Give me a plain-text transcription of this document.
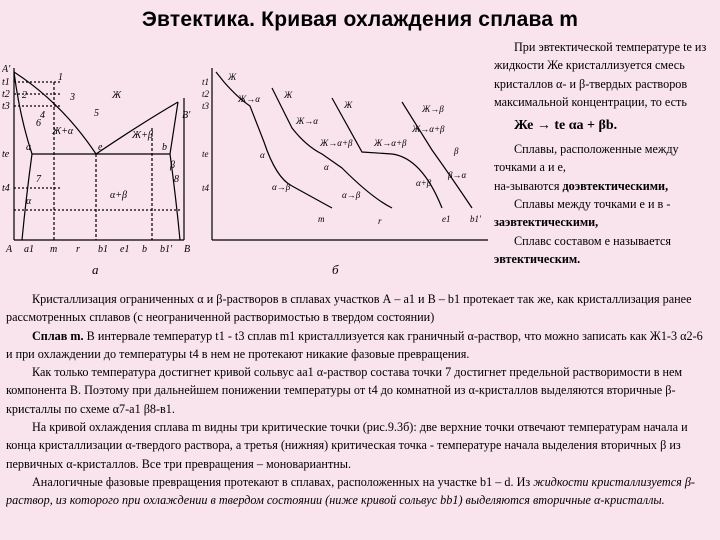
Эвтектика. Кривая охлаждения сплава m
A'
t1
t2
t3
te
t4
A a1 m r b1 e1 b b1' B
1
3
2
5
6
4
7	8
a	e	b
B'
Ж
Ж+α	Ж+β
α
β
α+β
а
t1
t2
t3
te
t4
Ж
Ж→α	Ж
Ж→α
Ж→α+β
α
α→β
m
Ж
Ж→α+β
α
α→β
r
Ж→α+β
α+β
e1
Ж→β
β
β→α
b1'
б

При эвтектической температуре te из жидкости Же кристаллизуется смесь кристаллов α- и β-твердых растворов максимальной концентрации, то есть

Же → te αa + βb.

Сплавы, расположенные между точками а и е,

на-зываются доэвтектическими,

Сплавы между точками е и в - заэвтектическими,

Сплавс составом е называется эвтектическим.

Кристаллизация ограниченных α и β-растворов в сплавах участков А – a1 и B – b1 протекает так же, как кристаллизация ранее рассмотренных сплавов (с неограниченной растворимостью в твердом состоянии)

Сплав m. В интервале температур t1 - t3 сплав m1 кристаллизуется как граничный α-раствор, что можно записать как Ж1-3 α2-6 и при охлаждении до температуры t4 в нем не протекают никакие фазовые превращения.

Как только температура достигнет кривой сольвус аа1 α-раствор состава точки 7 достигнет предельной растворимости в нем компонента В. Поэтому при дальнейшем понижении температуры от t4 до комнатной из α-кристаллов выделяются вторичные β-кристаллы по схеме α7-a1 β8-в1.

На кривой охлаждения сплава m видны три критические точки (рис.9.3б): две верхние точки отвечают температурам начала и конца кристаллизации α-твердого раствора, а третья (нижняя) критическая точка - температуре начала выделения вторичных β из первичных α-кристаллов. Все три превращения – моновариантны.

Аналогичные фазовые превращения протекают в сплавах, расположенных на участке b1 – d. Из жидкости кристаллизуется β-раствор, из которого при охлаждении в твердом состоянии (ниже кривой сольвус bb1) выделяются вторичные α-кристаллы.
